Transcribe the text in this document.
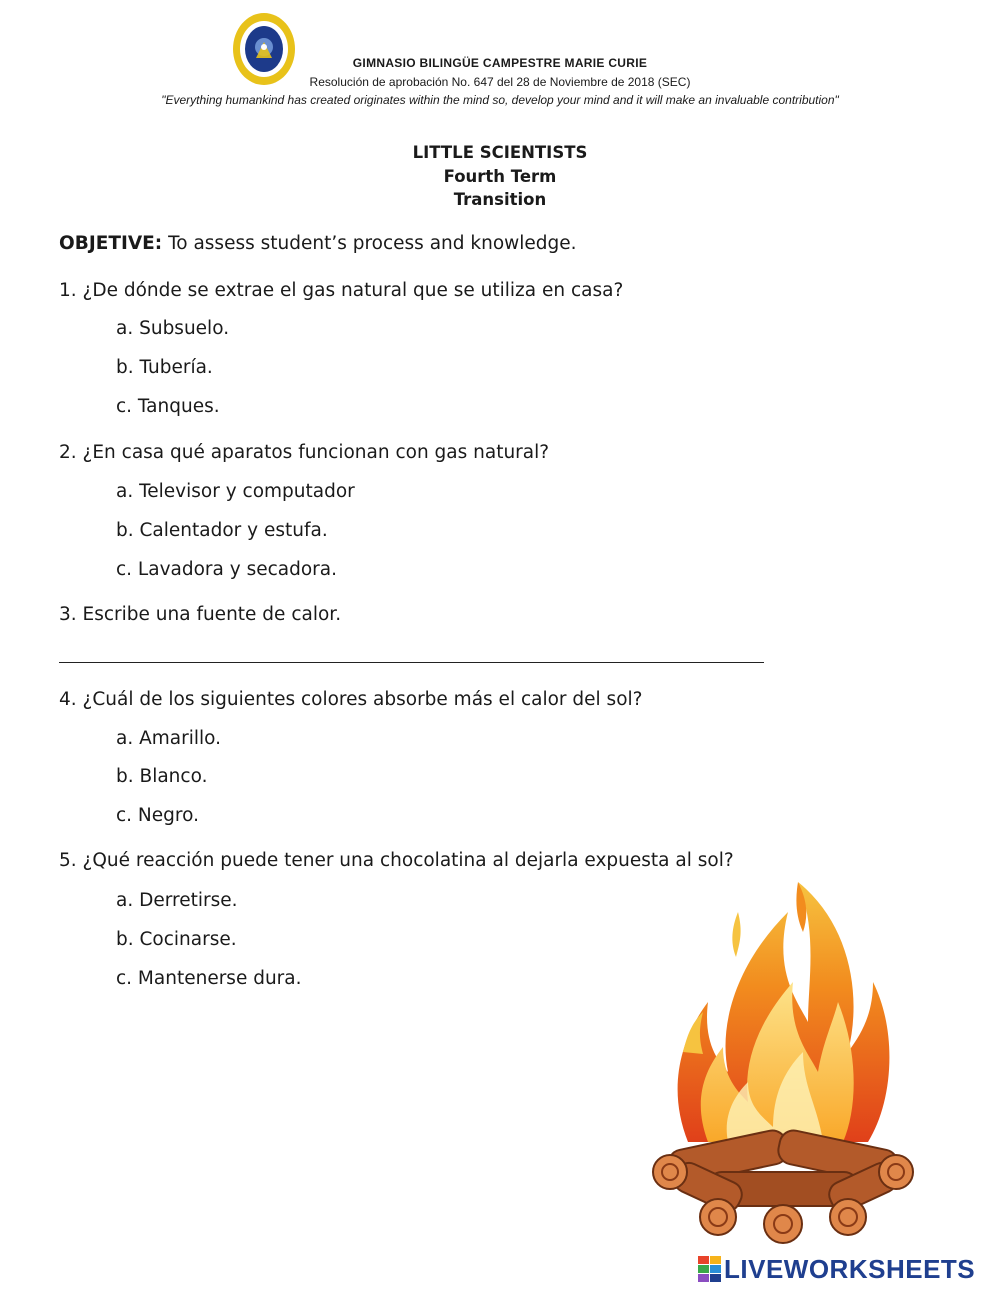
GIMNASIO BILINGÜE CAMPESTRE MARIE CURIE
Resolución de aprobación No. 647 del 28 de Noviembre de 2018 (SEC)
"Everything humankind has created originates within the mind so, develop your mind and it will make an invaluable contribution"
LITTLE SCIENTISTS
Fourth Term
Transition
OBJETIVE: To assess student’s process and knowledge.
1. ¿De dónde se extrae el gas natural que se utiliza en casa?
a. Subsuelo.
b. Tubería.
c. Tanques.
2. ¿En casa qué aparatos funcionan con gas natural?
a. Televisor y computador
b. Calentador y estufa.
c. Lavadora y secadora.
3. Escribe una fuente de calor.
4. ¿Cuál de los siguientes colores absorbe más el calor del sol?
a. Amarillo.
b. Blanco.
c. Negro.
5. ¿Qué reacción puede tener una chocolatina al dejarla expuesta al sol?
a. Derretirse.
b. Cocinarse.
c. Mantenerse dura.
LIVEWORKSHEETS
